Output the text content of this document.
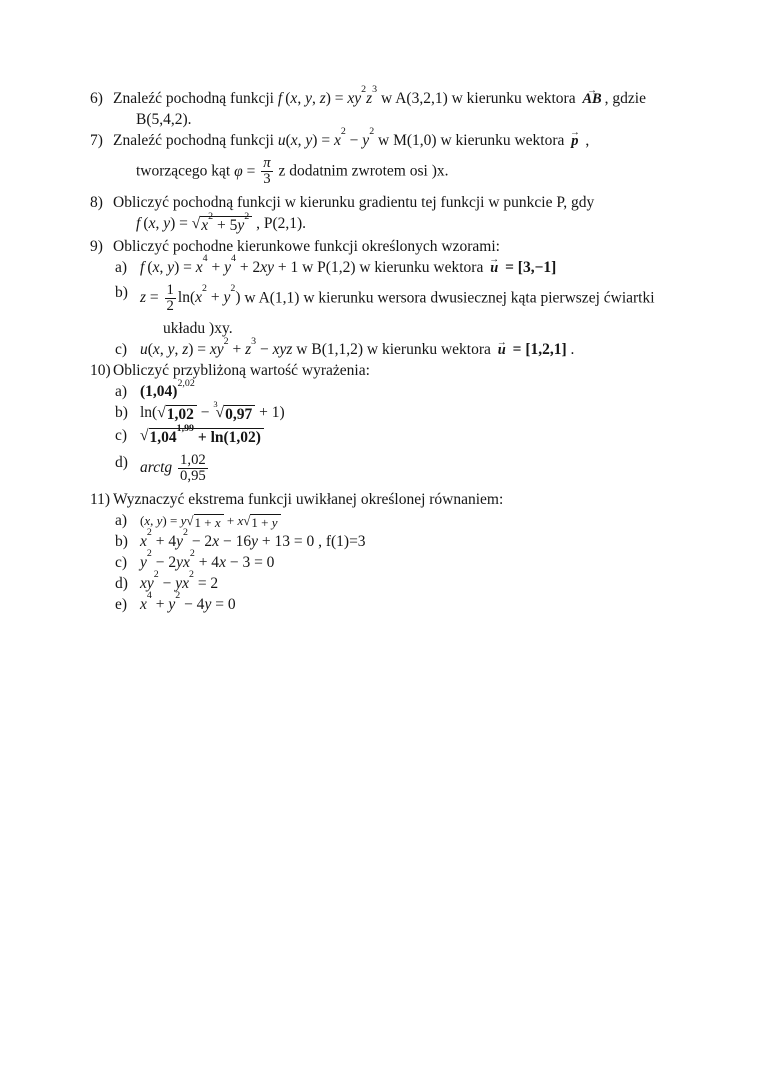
6) Znaleźć pochodną funkcji f (x, y, $z) = xy^2z^3$ w A(3,2,1) w kierunku wektora → AB , gdzie
B(5,4,2).
7) Znaleźć pochodną funkcji u(x, $y) = x^2 - y^2$ w M(1,0) w kierunku wektora → p ,
tworzącego kąt $\varphi = \frac{\pi}{3}$ z dodatnim zwrotem osi )x.
8) Obliczyć pochodną funkcji w kierunku gradientu tej funkcji w punkcie P, gdy
f (x, y) = √ $x^2 + 5y^2$ , P(2,1).
9) Obliczyć pochodne kierunkowe funkcji określonych wzorami:
a) f (x, $y) = x^4 + y^4 + 2xy + 1$ w P(1,2) w kierunku wektora → u = [3,−1]
b) $z = \frac{1}{2} \ln(x^2 + y^2)$ w A(1,1) w kierunku wersora dwusiecznej kąta pierwszej ćwiartki
układu )xy.
c) u(x, y, $z) = xy^2 + z^3$ − xyz w B(1,1,2) w kierunku wektora → u = [1,2,1] .
10) Obliczyć przybliżoną wartość wyrażenia:
a) $(1,04)^{2,02}$
b) ln( √ 1,02 −
$^3$√ 0,97 + 1)
c) √ $1,04^{1,99} + \ln(1,02)$
d) arctg $\frac{1,02}{0,95}$
11) Wyznaczyć ekstrema funkcji uwikłanej określonej równaniem:
a) (x, y) = y √ 1 + x + x √ 1 + y
b) $x^2 + 4y^2 - 2x - 16y + 13 = 0$ , f(1)=3
c) $y^2 - 2yx^2 + 4x - 3 = 0$
d) $xy^2 - yx^2 = 2$
e) $x^4 + y^2 - 4y = 0$
